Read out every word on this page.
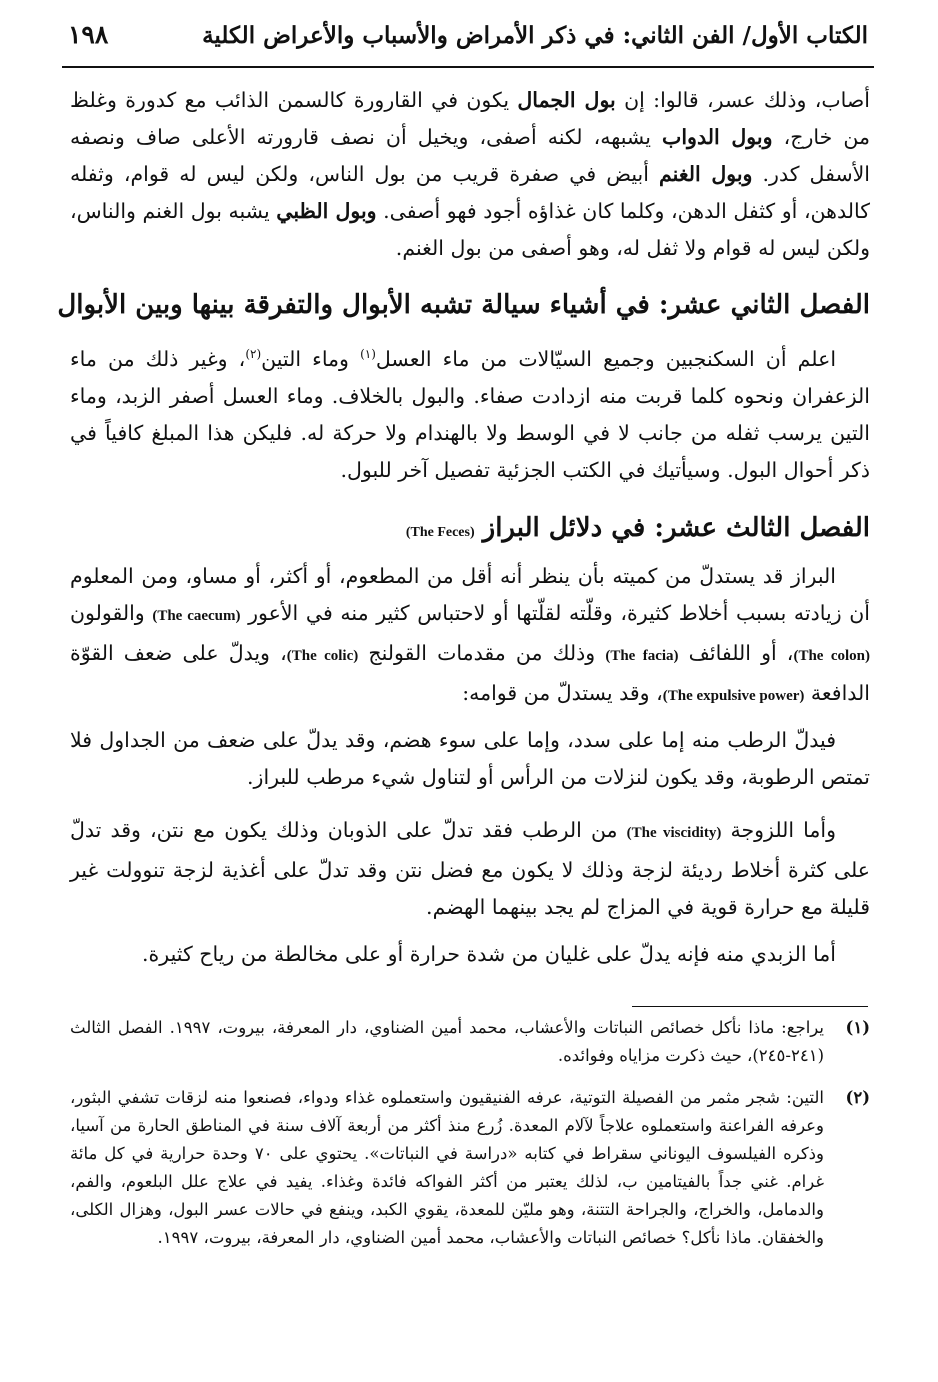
الكتاب الأول/ الفن الثاني: في ذكر الأمراض والأسباب والأعراض الكلية
١٩٨
أصاب، وذلك عسر، قالوا: إن بول الجمال يكون في القارورة كالسمن الذائب مع كدورة وغلظ من خارج، وبول الدواب يشبهه، لكنه أصفى، ويخيل أن نصف قارورته الأعلى صاف ونصفه الأسفل كدر. وبول الغنم أبيض في صفرة قريب من بول الناس، ولكن ليس له قوام، وثفله كالدهن، أو كثفل الدهن، وكلما كان غذاؤه أجود فهو أصفى. وبول الظبي يشبه بول الغنم والناس، ولكن ليس له قوام ولا ثفل له، وهو أصفى من بول الغنم.
الفصل الثاني عشر: في أشياء سيالة تشبه الأبوال والتفرقة بينها وبين الأبوال
اعلم أن السكنجبين وجميع السيّالات من ماء العسل$^{(١)}$ وماء التين$^{(٢)}$، وغير ذلك من ماء الزعفران ونحوه كلما قربت منه ازدادت صفاء. والبول بالخلاف. وماء العسل أصفر الزبد، وماء التين يرسب ثفله من جانب لا في الوسط ولا بالهندام ولا حركة له. فليكن هذا المبلغ كافياً في ذكر أحوال البول. وسيأتيك في الكتب الجزئية تفصيل آخر للبول.
الفصل الثالث عشر: في دلائل البراز(The Feces)
البراز قد يستدلّ من كميته بأن ينظر أنه أقل من المطعوم، أو أكثر، أو مساو، ومن المعلوم أن زيادته بسبب أخلاط كثيرة، وقلّته لقلّتها أو لاحتباس كثير منه في الأعور (The caecum) والقولون (The colon)، أو اللفائف (The facia) وذلك من مقدمات القولنج (The colic)، ويدلّ على ضعف القوّة الدافعة (The expulsive power)، وقد يستدلّ من قوامه:
فيدلّ الرطب منه إما على سدد، وإما على سوء هضم، وقد يدلّ على ضعف من الجداول فلا تمتص الرطوبة، وقد يكون لنزلات من الرأس أو لتناول شيء مرطب للبراز.
وأما اللزوجة (The viscidity) من الرطب فقد تدلّ على الذوبان وذلك يكون مع نتن، وقد تدلّ على كثرة أخلاط رديئة لزجة وذلك لا يكون مع فضل نتن وقد تدلّ على أغذية لزجة تنوولت غير قليلة مع حرارة قوية في المزاج لم يجد بينهما الهضم.
أما الزبدي منه فإنه يدلّ على غليان من شدة حرارة أو على مخالطة من رياح كثيرة.
(١)
يراجع: ماذا نأكل خصائص النباتات والأعشاب، محمد أمين الضناوي، دار المعرفة، بيروت، ١٩٩٧. الفصل الثالث (٢٤١-٢٤٥)، حيث ذكرت مزاياه وفوائده.
(٢)
التين: شجر مثمر من الفصيلة التوتية، عرفه الفنيقيون واستعملوه غذاء ودواء، فصنعوا منه لزقات تشفي البثور، وعرفه الفراعنة واستعملوه علاجاً لآلام المعدة. زُرع منذ أكثر من أربعة آلاف سنة في المناطق الحارة من آسيا، وذكره الفيلسوف اليوناني سقراط في كتابه «دراسة في النباتات». يحتوي على ٧٠ وحدة حرارية في كل مائة غرام. غني جداً بالفيتامين ب، لذلك يعتبر من أكثر الفواكه فائدة وغذاء. يفيد في علاج علل البلعوم، والفم، والدمامل، والخراج، والجراحة التتنة، وهو مليّن للمعدة، يقوي الكبد، وينفع في حالات عسر البول، وهزال الكلى، والخفقان. ماذا نأكل؟ خصائص النباتات والأعشاب، محمد أمين الضناوي، دار المعرفة، بيروت، ١٩٩٧.
